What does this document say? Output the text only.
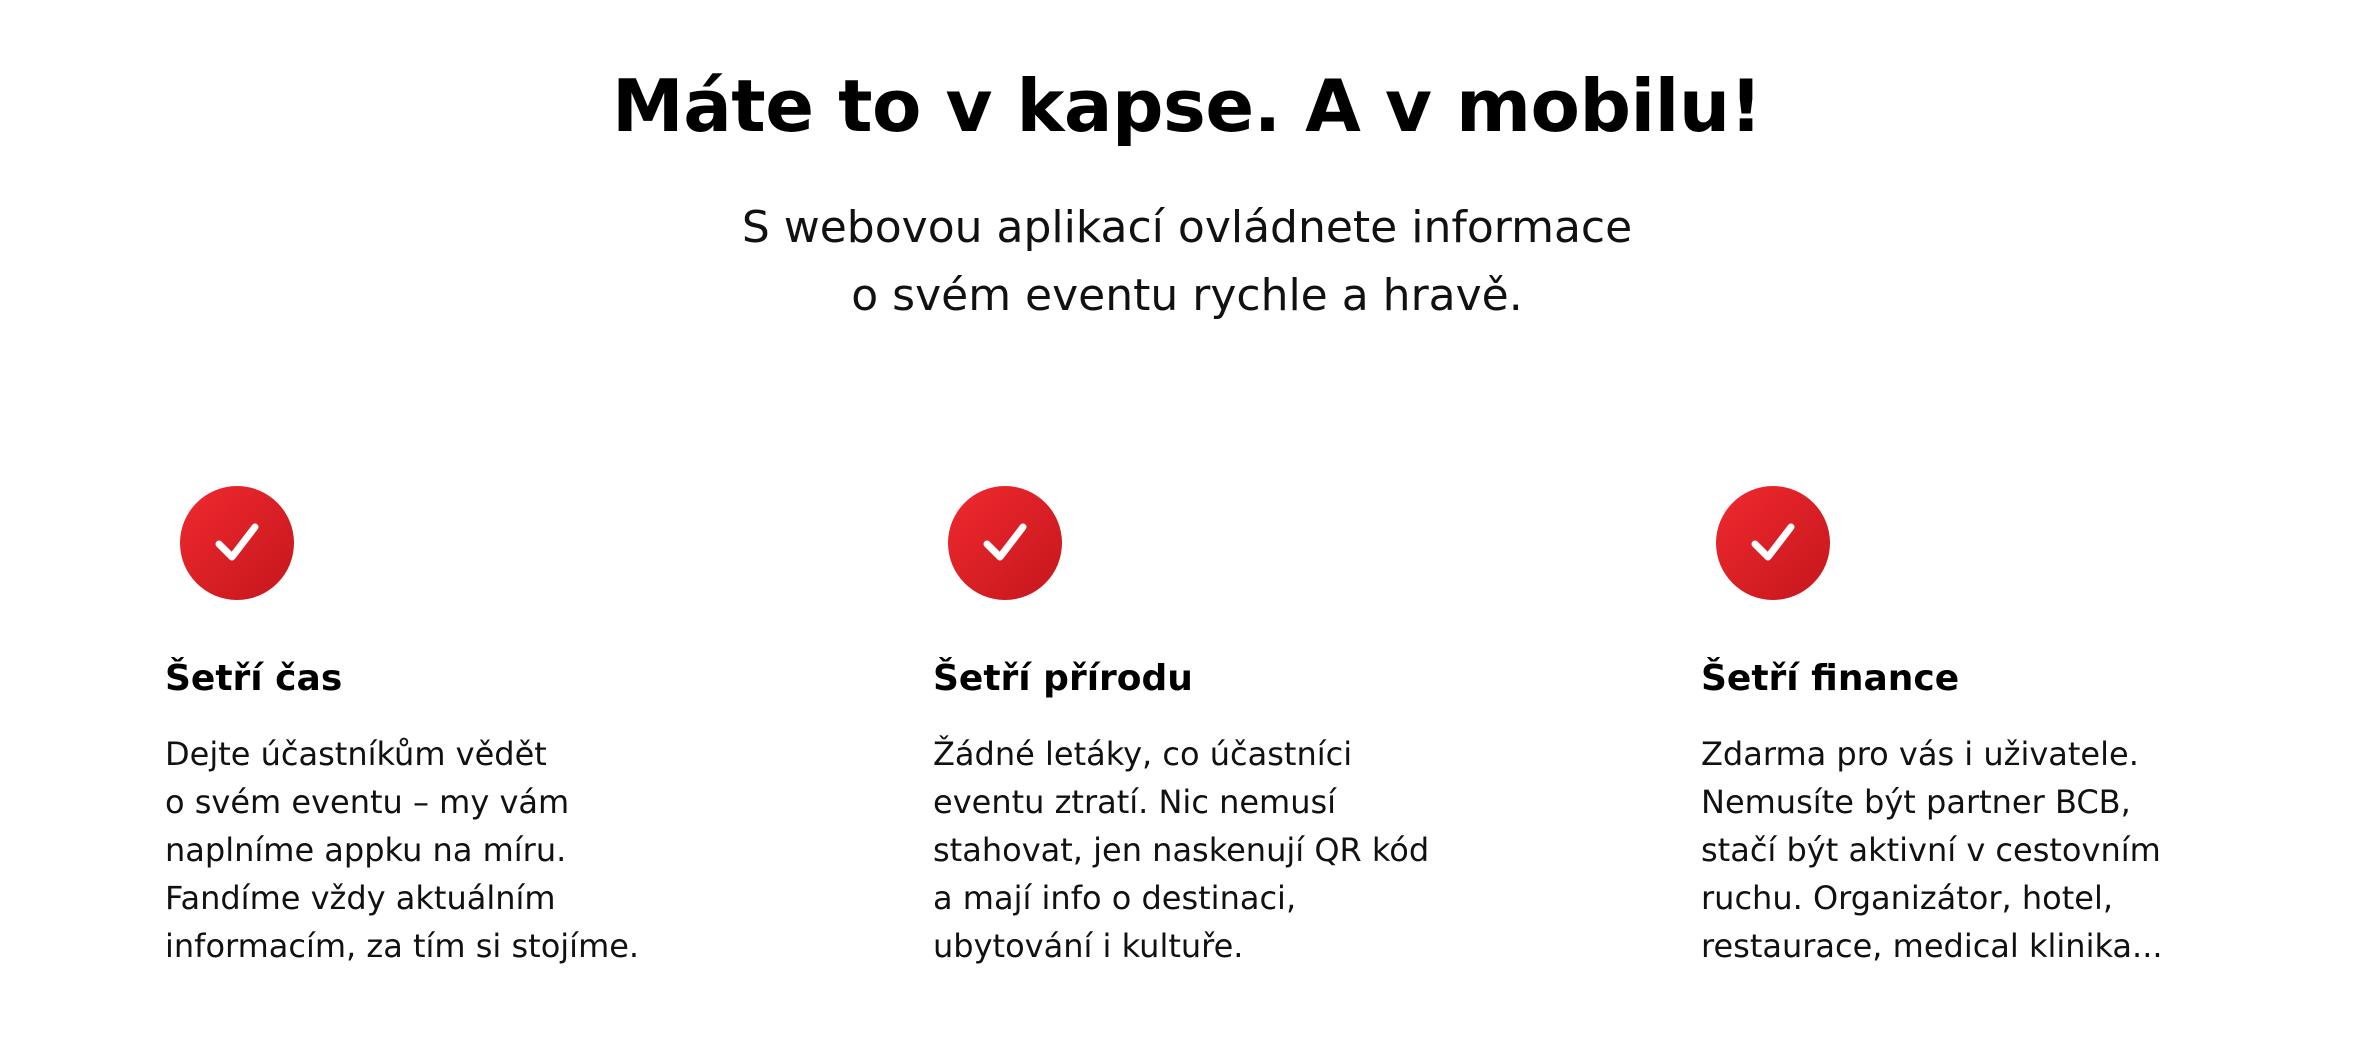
Máte to v kapse. A v mobilu!

S webovou aplikací ovládnete informace
o svém eventu rychle a hravě.

Šetří čas

Dejte účastníkům vědět
o svém eventu – my vám
naplníme appku na míru.
Fandíme vždy aktuálním
informacím, za tím si stojíme.

Šetří přírodu

Žádné letáky, co účastníci
eventu ztratí. Nic nemusí
stahovat, jen naskenují QR kód
a mají info o destinaci,
ubytování i kultuře.

Šetří finance

Zdarma pro vás i uživatele.
Nemusíte být partner BCB,
stačí být aktivní v cestovním
ruchu. Organizátor, hotel,
restaurace, medical klinika...
